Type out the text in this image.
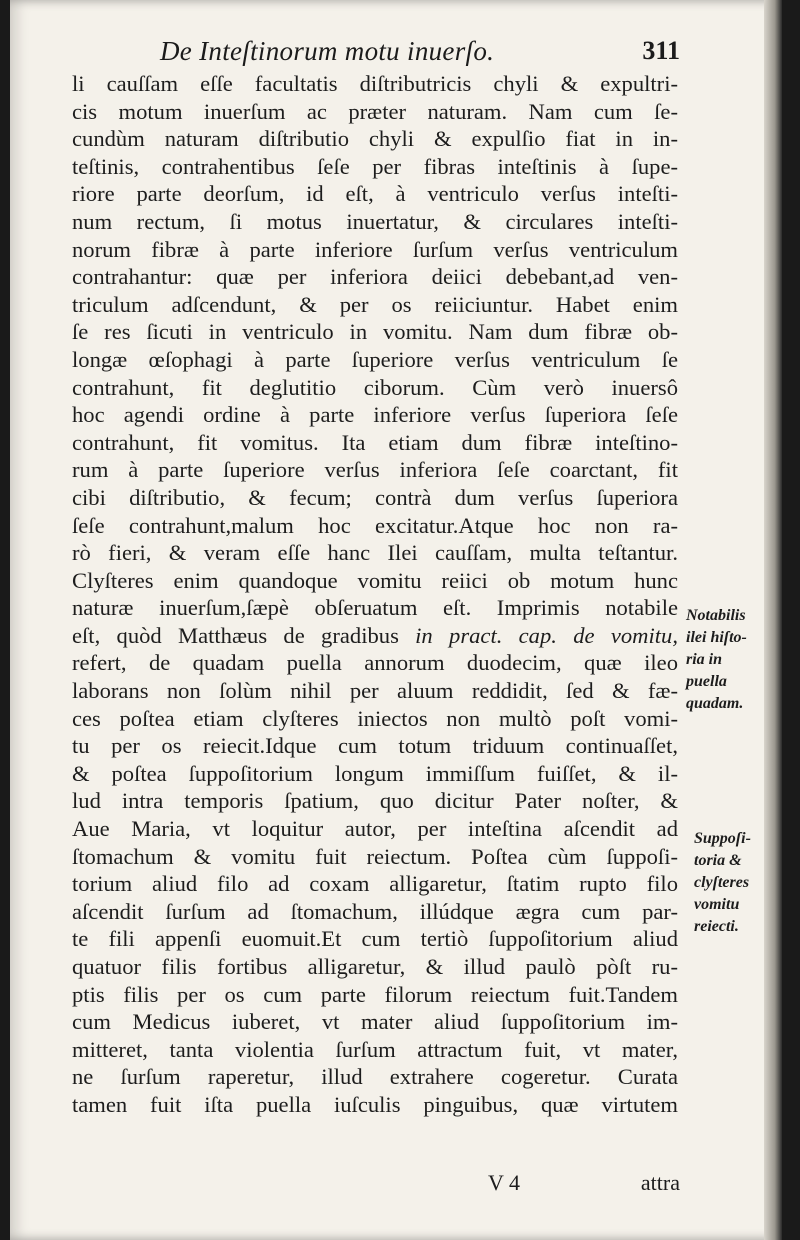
De Inteſtinorum motu inuerſo.	311
li cauſſam eſſe facultatis diſtributricis chyli & expultri-
cis motum inuerſum ac præter naturam. Nam cum ſe-
cundùm naturam diſtributio chyli & expulſio fiat in in-
teſtinis, contrahentibus ſeſe per fibras inteſtinis à ſupe-
riore parte deorſum, id eſt, à ventriculo verſus inteſti-
num rectum, ſi motus inuertatur, & circulares inteſti-
norum fibræ à parte inferiore ſurſum verſus ventriculum
contrahantur: quæ per inferiora deiici debebant,ad ven-
triculum adſcendunt, & per os reiiciuntur. Habet enim
ſe res ſicuti in ventriculo in vomitu. Nam dum fibræ ob-
longæ œſophagi à parte ſuperiore verſus ventriculum ſe
contrahunt, fit deglutitio ciborum. Cùm verò inuersô
hoc agendi ordine à parte inferiore verſus ſuperiora ſeſe
contrahunt, fit vomitus. Ita etiam dum fibræ inteſtino-
rum à parte ſuperiore verſus inferiora ſeſe coarctant, fit
cibi diſtributio, & fecum; contrà dum verſus ſuperiora
ſeſe contrahunt,malum hoc excitatur.Atque hoc non ra-
rò fieri, & veram eſſe hanc Ilei cauſſam, multa teſtantur.
Clyſteres enim quandoque vomitu reiici ob motum hunc
naturæ inuerſum,ſæpè obſeruatum eſt. Imprimis notabile
eſt, quòd Matthæus de gradibus in pract. cap. de vomitu,
refert, de quadam puella annorum duodecim, quæ ileo
laborans non ſolùm nihil per aluum reddidit, ſed & fæ-
ces poſtea etiam clyſteres iniectos non multò poſt vomi-
tu per os reiecit.Idque cum totum triduum continuaſſet,
& poſtea ſuppoſitorium longum immiſſum fuiſſet, & il-
lud intra temporis ſpatium, quo dicitur Pater noſter, &
Aue Maria, vt loquitur autor, per inteſtina aſcendit ad
ſtomachum & vomitu fuit reiectum. Poſtea cùm ſuppoſi-
torium aliud filo ad coxam alligaretur, ſtatim rupto filo
aſcendit ſurſum ad ſtomachum, illúdque ægra cum par-
te fili appenſi euomuit.Et cum tertiò ſuppoſitorium aliud
quatuor filis fortibus alligaretur, & illud paulò pòſt ru-
ptis filis per os cum parte filorum reiectum fuit.Tandem
cum Medicus iuberet, vt mater aliud ſuppoſitorium im-
mitteret, tanta violentia ſurſum attractum fuit, vt mater,
ne ſurſum raperetur, illud extrahere cogeretur. Curata
tamen fuit iſta puella iuſculis pinguibus, quæ virtutem
Notabilis
ilei hiſto-
ria in
puella
quadam.
Suppoſi-
toria &
clyſteres
vomitu
reiecti.
V 4	attra
